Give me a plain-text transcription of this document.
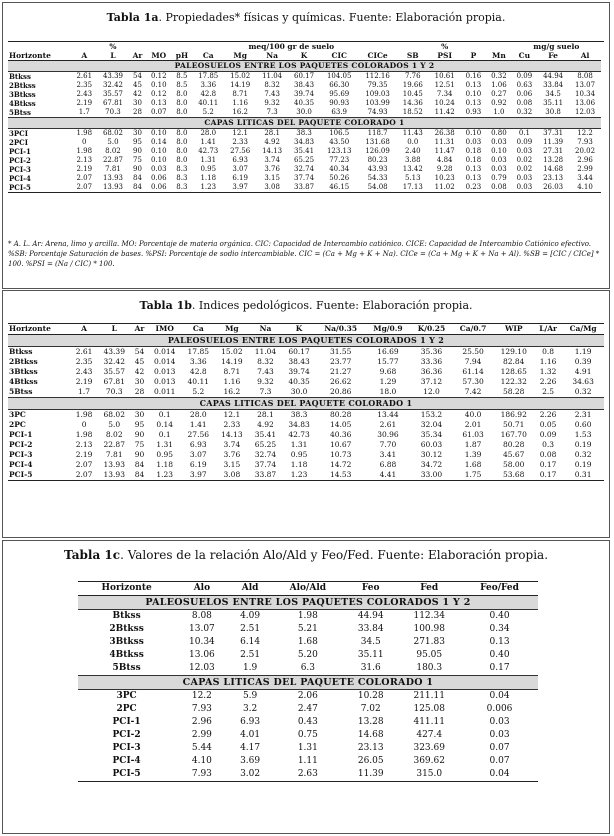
Tabla 1a. Propiedades* físicas y químicas. Fuente: Elaboración propia.
		%					meq/100 gr de suelo						%			mg/g suelo			
Horizonte	A	L	Ar	MO	pH	Ca	Mg	Na	K	CIC	CICe	SB	PSI	P	Mn	Cu	Fe	Al	
PALEOSUELOS ENTRE LOS PAQUETES COLORADOS 1 Y 2																			
Btkss	2.61	43.39	54	0.12	8.5	17.85	15.02	11.04	60.17	104.05	112.16	7.76	10.61	0.16	0.32	0.09	44.94	8.08	
2Btkss	2.35	32.42	45	0.10	8.5	3.36	14.19	8.32	38.43	66.30	79.35	19.66	12.51	0.13	1.06	0.63	33.84	13.07	
3Btkss	2.43	35.57	42	0.12	8.0	42.8	8.71	7.43	39.74	95.69	109.03	10.45	7.34	0.10	0.27	0.06	34.5	10.34	
4Btkss	2.19	67.81	30	0.13	8.0	40.11	1.16	9.32	40.35	90.93	103.99	14.36	10.24	0.13	0.92	0.08	35.11	13.06	
5Btss	1.7	70.3	28	0.07	8.0	5.2	16.2	7.3	30.0	63.9	74.93	18.52	11.42	0.93	1.0	0.32	30.8	12.03	
CAPAS LITICAS DEL PAQUETE COLORADO 1																			
3PCI	1.98	68.02	30	0.10	8.0	28.0	12.1	28.1	38.3	106.5	118.7	11.43	26.38	0.10	0.80	0.1	37.31	12.2	
2PCI	0	5.0	95	0.14	8.0	1.41	2.33	4.92	34.83	43.50	131.68	0.0	11.31	0.03	0.03	0.09	11.39	7.93	
PCI-1	1.98	8.02	90	0.10	8.0	42.73	27.56	14.13	35.41	123.13	126.09	2.40	11.47	0.18	0.10	0.03	27.31	20.02	
PCI-2	2.13	22.87	75	0.10	8.0	1.31	6.93	3.74	65.25	77.23	80.23	3.88	4.84	0.18	0.03	0.02	13.28	2.96	
PCI-3	2.19	7.81	90	0.03	8.3	0.95	3.07	3.76	32.74	40.34	43.93	13.42	9.28	0.13	0.03	0.02	14.68	2.99	
PCI-4	2.07	13.93	84	0.06	8.3	1.18	6.19	3.15	37.74	50.26	54.33	5.13	10.23	0.13	0.79	0.03	23.13	3.44	
PCI-5	2.07	13.93	84	0.06	8.3	1.23	3.97	3.08	33.87	46.15	54.08	17.13	11.02	0.23	0.08	0.03	26.03	4.10	
* A. L. Ar: Arena, limo y arcilla. MO: Porcentaje de materia orgánica. CIC: Capacidad de Intercambio catiónico. CICE: Capacidad de Intercambio Catiónico efectivo. %SB: Porcentaje Saturación de bases. %PSI: Porcentaje de sodio intercambiable. CIC = (Ca + Mg + K + Na). CICe = (Ca + Mg + K + Na + Al). %SB = [CIC / CICe] * 100. %PSI = (Na / CIC) * 100.
Tabla 1b. Indices pedológicos. Fuente: Elaboración propia.
Horizonte	A	L	Ar	IMO	Ca	Mg	Na	K	Na/0.35	Mg/0.9	K/0.25	Ca/0.7	WIP	L/Ar	Ca/Mg
PALEOSUELOS ENTRE LOS PAQUETES COLORADOS 1 Y 2															
Btkss	2.61	43.39	54	0.014	17.85	15.02	11.04	60.17	31.55	16.69	35.36	25.50	129.10	0.8	1.19
2Btkss	2.35	32.42	45	0.014	3.36	14.19	8.32	38.43	23.77	15.77	33.36	7.94	82.84	1.16	0.39
3Btkss	2.43	35.57	42	0.013	42.8	8.71	7.43	39.74	21.27	9.68	36.36	61.14	128.65	1.32	4.91
4Btkss	2.19	67.81	30	0.013	40.11	1.16	9.32	40.35	26.62	1.29	37.12	57.30	122.32	2.26	34.63
5Btss	1.7	70.3	28	0.011	5.2	16.2	7.3	30.0	20.86	18.0	12.0	7.42	58.28	2.5	0.32
CAPAS LITICAS DEL PAQUETE COLORADO 1															
3PC	1.98	68.02	30	0.1	28.0	12.1	28.1	38.3	80.28	13.44	153.2	40.0	186.92	2.26	2.31
2PC	0	5.0	95	0.14	1.41	2.33	4.92	34.83	14.05	2.61	32.04	2.01	50.71	0.05	0.60
PCI-1	1.98	8.02	90	0.1	27.56	14.13	35.41	42.73	40.36	30.96	35.34	61.03	167.70	0.09	1.53
PCI-2	2.13	22.87	75	1.31	6.93	3.74	65.25	1.31	10.67	7.70	60.03	1.87	80.28	0.3	0.19
PCI-3	2.19	7.81	90	0.95	3.07	3.76	32.74	0.95	10.73	3.41	30.12	1.39	45.67	0.08	0.32
PCI-4	2.07	13.93	84	1.18	6.19	3.15	37.74	1.18	14.72	6.88	34.72	1.68	58.00	0.17	0.19
PCI-5	2.07	13.93	84	1.23	3.97	3.08	33.87	1.23	14.53	4.41	33.00	1.75	53.68	0.17	0.31
Tabla 1c. Valores de la relación Alo/Ald y Feo/Fed. Fuente: Elaboración propia.
Horizonte	Alo	Ald	Alo/Ald	Feo	Fed	Feo/Fed
PALEOSUELOS ENTRE LOS PAQUETES COLORADOS 1 Y 2						
Btkss	8.08	4.09	1.98	44.94	112.34	0.40
2Btkss	13.07	2.51	5.21	33.84	100.98	0.34
3Btkss	10.34	6.14	1.68	34.5	271.83	0.13
4Btkss	13.06	2.51	5.20	35.11	95.05	0.40
5Btss	12.03	1.9	6.3	31.6	180.3	0.17
CAPAS LITICAS DEL PAQUETE COLORADO 1						
3PC	12.2	5.9	2.06	10.28	211.11	0.04
2PC	7.93	3.2	2.47	7.02	125.08	0.006
PCI-1	2.96	6.93	0.43	13.28	411.11	0.03
PCI-2	2.99	4.01	0.75	14.68	427.4	0.03
PCI-3	5.44	4.17	1.31	23.13	323.69	0.07
PCI-4	4.10	3.69	1.11	26.05	369.62	0.07
PCI-5	7.93	3.02	2.63	11.39	315.0	0.04
